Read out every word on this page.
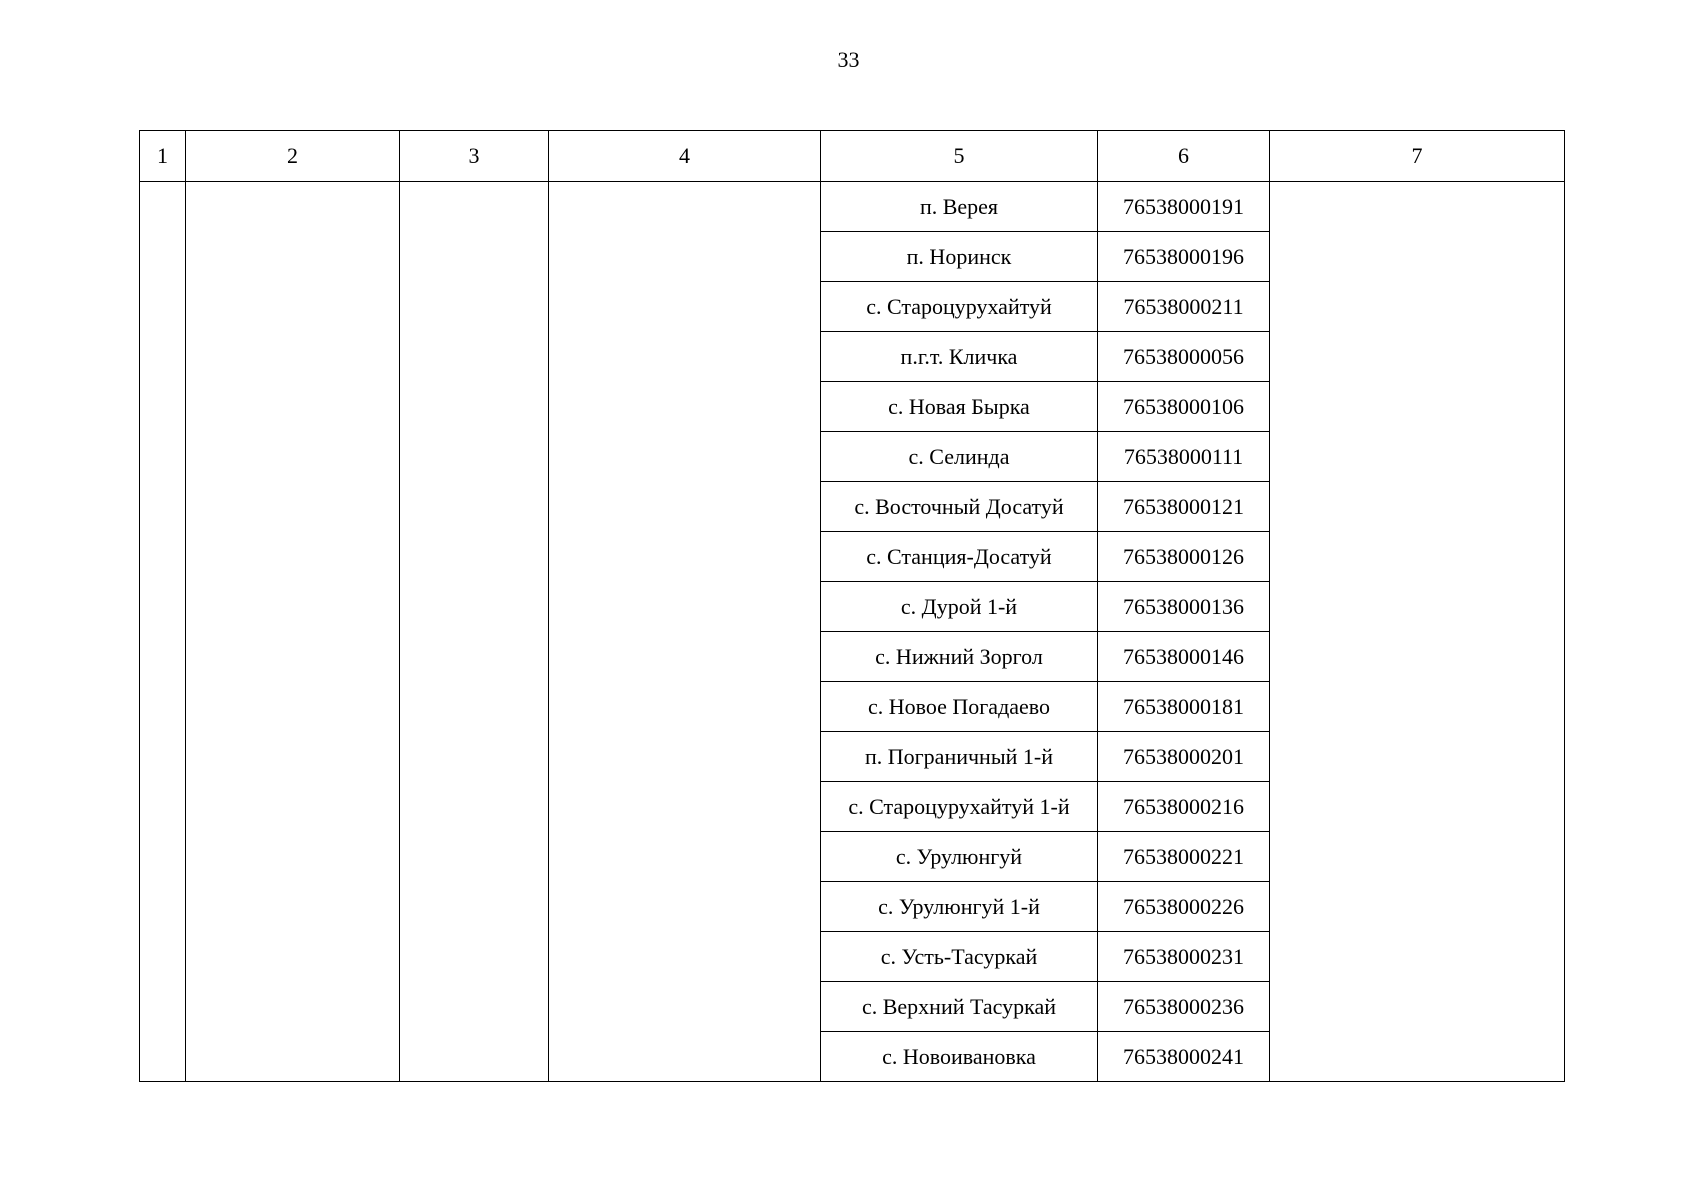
33
1	2	3	4	5	6	7
				п. Верея	76538000191	
				п. Норинск	76538000196	
				с. Староцурухайтуй	76538000211	
				п.г.т. Кличка	76538000056	
				с. Новая Бырка	76538000106	
				с. Селинда	76538000111	
				с. Восточный Досатуй	76538000121	
				с. Станция-Досатуй	76538000126	
				с. Дурой 1-й	76538000136	
				с. Нижний Зоргол	76538000146	
				с. Новое Погадаево	76538000181	
				п. Пограничный 1-й	76538000201	
				с. Староцурухайтуй 1-й	76538000216	
				с. Урулюнгуй	76538000221	
				с. Урулюнгуй 1-й	76538000226	
				с. Усть-Тасуркай	76538000231	
				с. Верхний Тасуркай	76538000236	
				с. Новоивановка	76538000241	
